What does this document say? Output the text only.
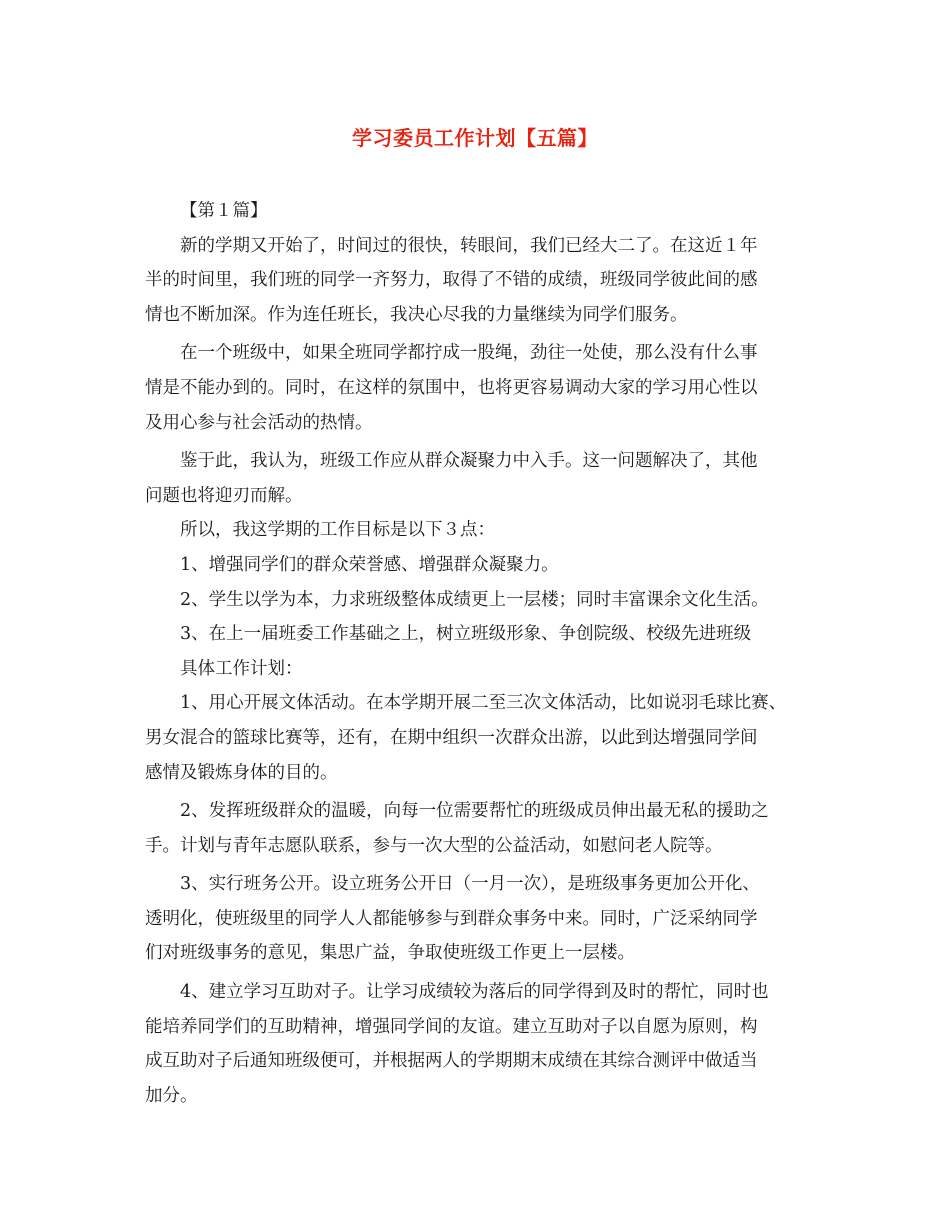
学习委员工作计划【五篇】

【第１篇】

新的学期又开始了，时间过的很快，转眼间，我们已经大二了。在这近１年

半的时间里，我们班的同学一齐努力，取得了不错的成绩，班级同学彼此间的感

情也不断加深。作为连任班长，我决心尽我的力量继续为同学们服务。

在一个班级中，如果全班同学都拧成一股绳，劲往一处使，那么没有什么事

情是不能办到的。同时，在这样的氛围中，也将更容易调动大家的学习用心性以

及用心参与社会活动的热情。

鉴于此，我认为，班级工作应从群众凝聚力中入手。这一问题解决了，其他

问题也将迎刃而解。

所以，我这学期的工作目标是以下３点：

1、增强同学们的群众荣誉感、增强群众凝聚力。

2、学生以学为本，力求班级整体成绩更上一层楼；同时丰富课余文化生活。

3、在上一届班委工作基础之上，树立班级形象、争创院级、校级先进班级

具体工作计划：

1、用心开展文体活动。在本学期开展二至三次文体活动，比如说羽毛球比赛、

男女混合的篮球比赛等，还有，在期中组织一次群众出游，以此到达增强同学间

感情及锻炼身体的目的。

2、发挥班级群众的温暖，向每一位需要帮忙的班级成员伸出最无私的援助之

手。计划与青年志愿队联系，参与一次大型的公益活动，如慰问老人院等。

3、实行班务公开。设立班务公开日（一月一次），是班级事务更加公开化、

透明化，使班级里的同学人人都能够参与到群众事务中来。同时，广泛采纳同学

们对班级事务的意见，集思广益，争取使班级工作更上一层楼。

4、建立学习互助对子。让学习成绩较为落后的同学得到及时的帮忙，同时也

能培养同学们的互助精神，增强同学间的友谊。建立互助对子以自愿为原则，构

成互助对子后通知班级便可，并根据两人的学期期末成绩在其综合测评中做适当

加分。
